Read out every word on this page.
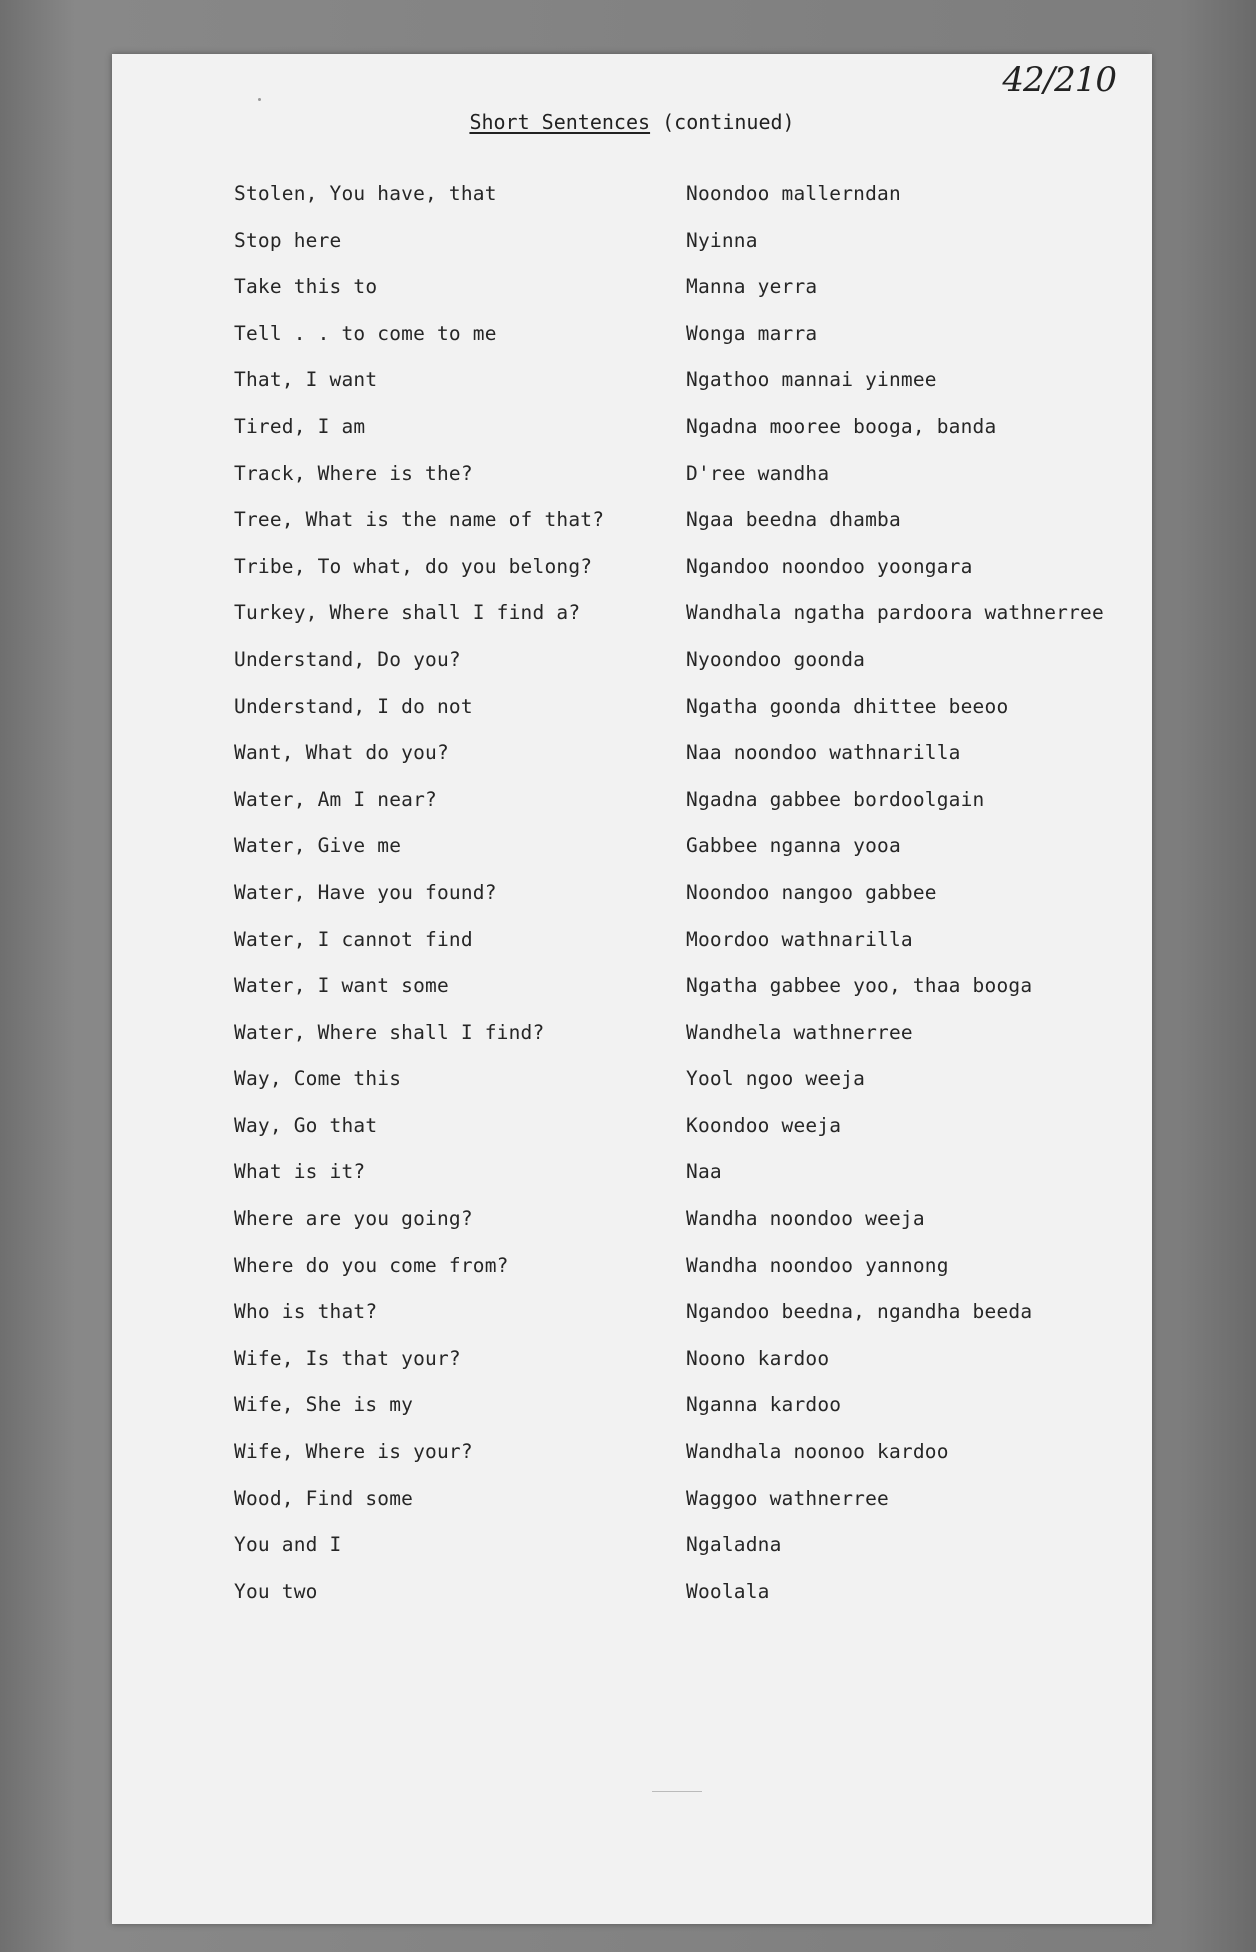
42/210
Short Sentences (continued)
Stolen, You have, that	Noondoo mallerndan
Stop here	Nyinna
Take this to	Manna yerra
Tell . . to come to me	Wonga marra
That, I want	Ngathoo mannai yinmee
Tired, I am	Ngadna mooree booga, banda
Track, Where is the?	D'ree wandha
Tree, What is the name of that?	Ngaa beedna dhamba
Tribe, To what, do you belong?	Ngandoo noondoo yoongara
Turkey, Where shall I find a?	Wandhala ngatha pardoora wathnerree
Understand, Do you?	Nyoondoo goonda
Understand, I do not	Ngatha goonda dhittee beeoo
Want, What do you?	Naa noondoo wathnarilla
Water, Am I near?	Ngadna gabbee bordoolgain
Water, Give me	Gabbee nganna yooa
Water, Have you found?	Noondoo nangoo gabbee
Water, I cannot find	Moordoo wathnarilla
Water, I want some	Ngatha gabbee yoo, thaa booga
Water, Where shall I find?	Wandhela wathnerree
Way, Come this	Yool ngoo weeja
Way, Go that	Koondoo weeja
What is it?	Naa
Where are you going?	Wandha noondoo weeja
Where do you come from?	Wandha noondoo yannong
Who is that?	Ngandoo beedna, ngandha beeda
Wife, Is that your?	Noono kardoo
Wife, She is my	Nganna kardoo
Wife, Where is your?	Wandhala noonoo kardoo
Wood, Find some	Waggoo wathnerree
You and I	Ngaladna
You two	Woolala
